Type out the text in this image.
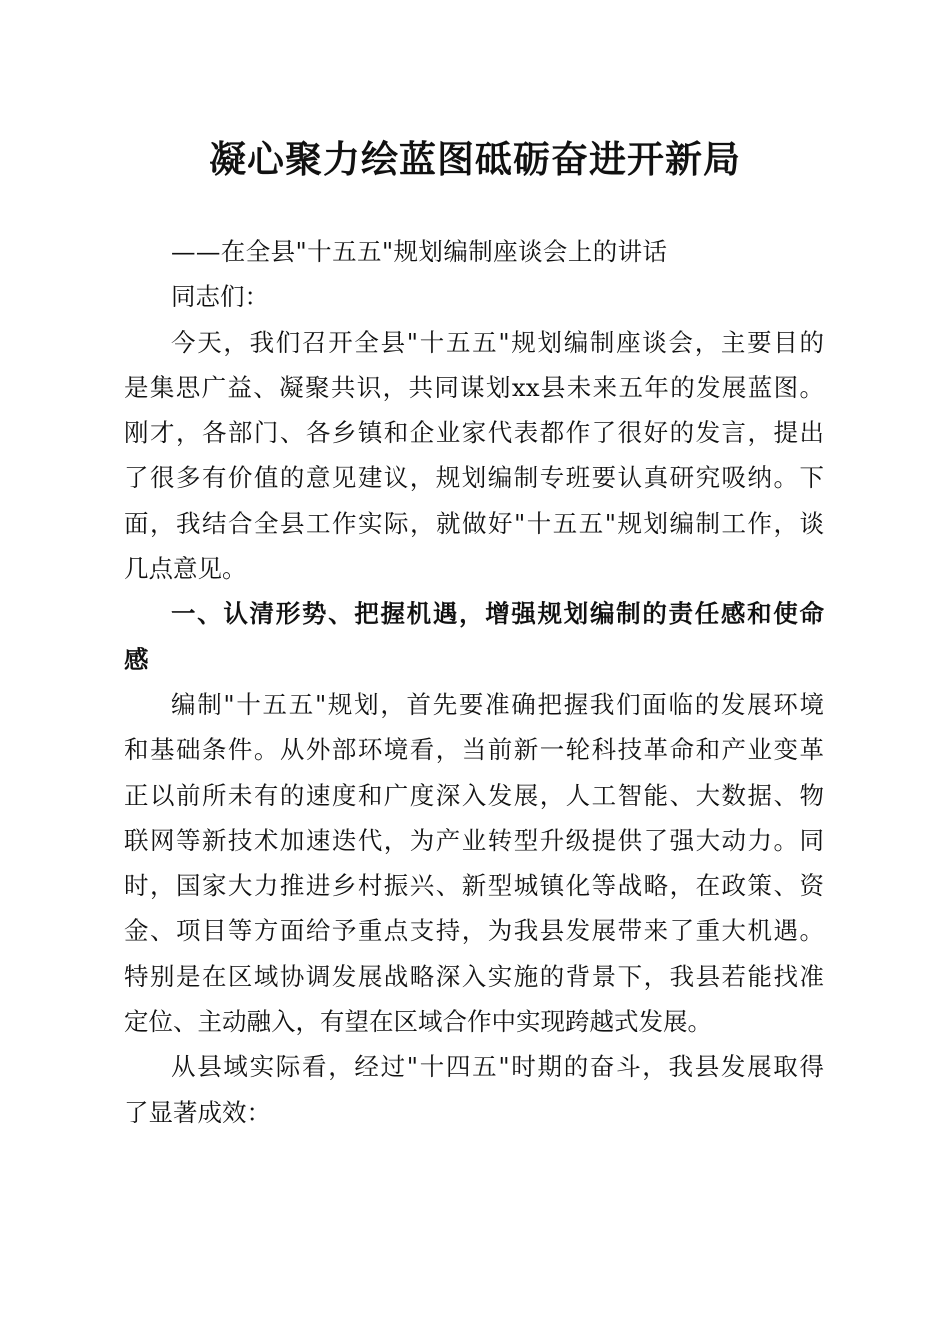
凝心聚力绘蓝图砥砺奋进开新局
——在全县"十五五"规划编制座谈会上的讲话
同志们：
今天，我们召开全县"十五五"规划编制座谈会，主要目的
是集思广益、凝聚共识，共同谋划xx县未来五年的发展蓝图。
刚才，各部门、各乡镇和企业家代表都作了很好的发言，提出
了很多有价值的意见建议，规划编制专班要认真研究吸纳。下
面，我结合全县工作实际，就做好"十五五"规划编制工作，谈
几点意见。
一、认清形势、把握机遇，增强规划编制的责任感和使命
感
编制"十五五"规划，首先要准确把握我们面临的发展环境
和基础条件。从外部环境看，当前新一轮科技革命和产业变革
正以前所未有的速度和广度深入发展，人工智能、大数据、物
联网等新技术加速迭代，为产业转型升级提供了强大动力。同
时，国家大力推进乡村振兴、新型城镇化等战略，在政策、资
金、项目等方面给予重点支持，为我县发展带来了重大机遇。
特别是在区域协调发展战略深入实施的背景下，我县若能找准
定位、主动融入，有望在区域合作中实现跨越式发展。
从县域实际看，经过"十四五"时期的奋斗，我县发展取得
了显著成效：
